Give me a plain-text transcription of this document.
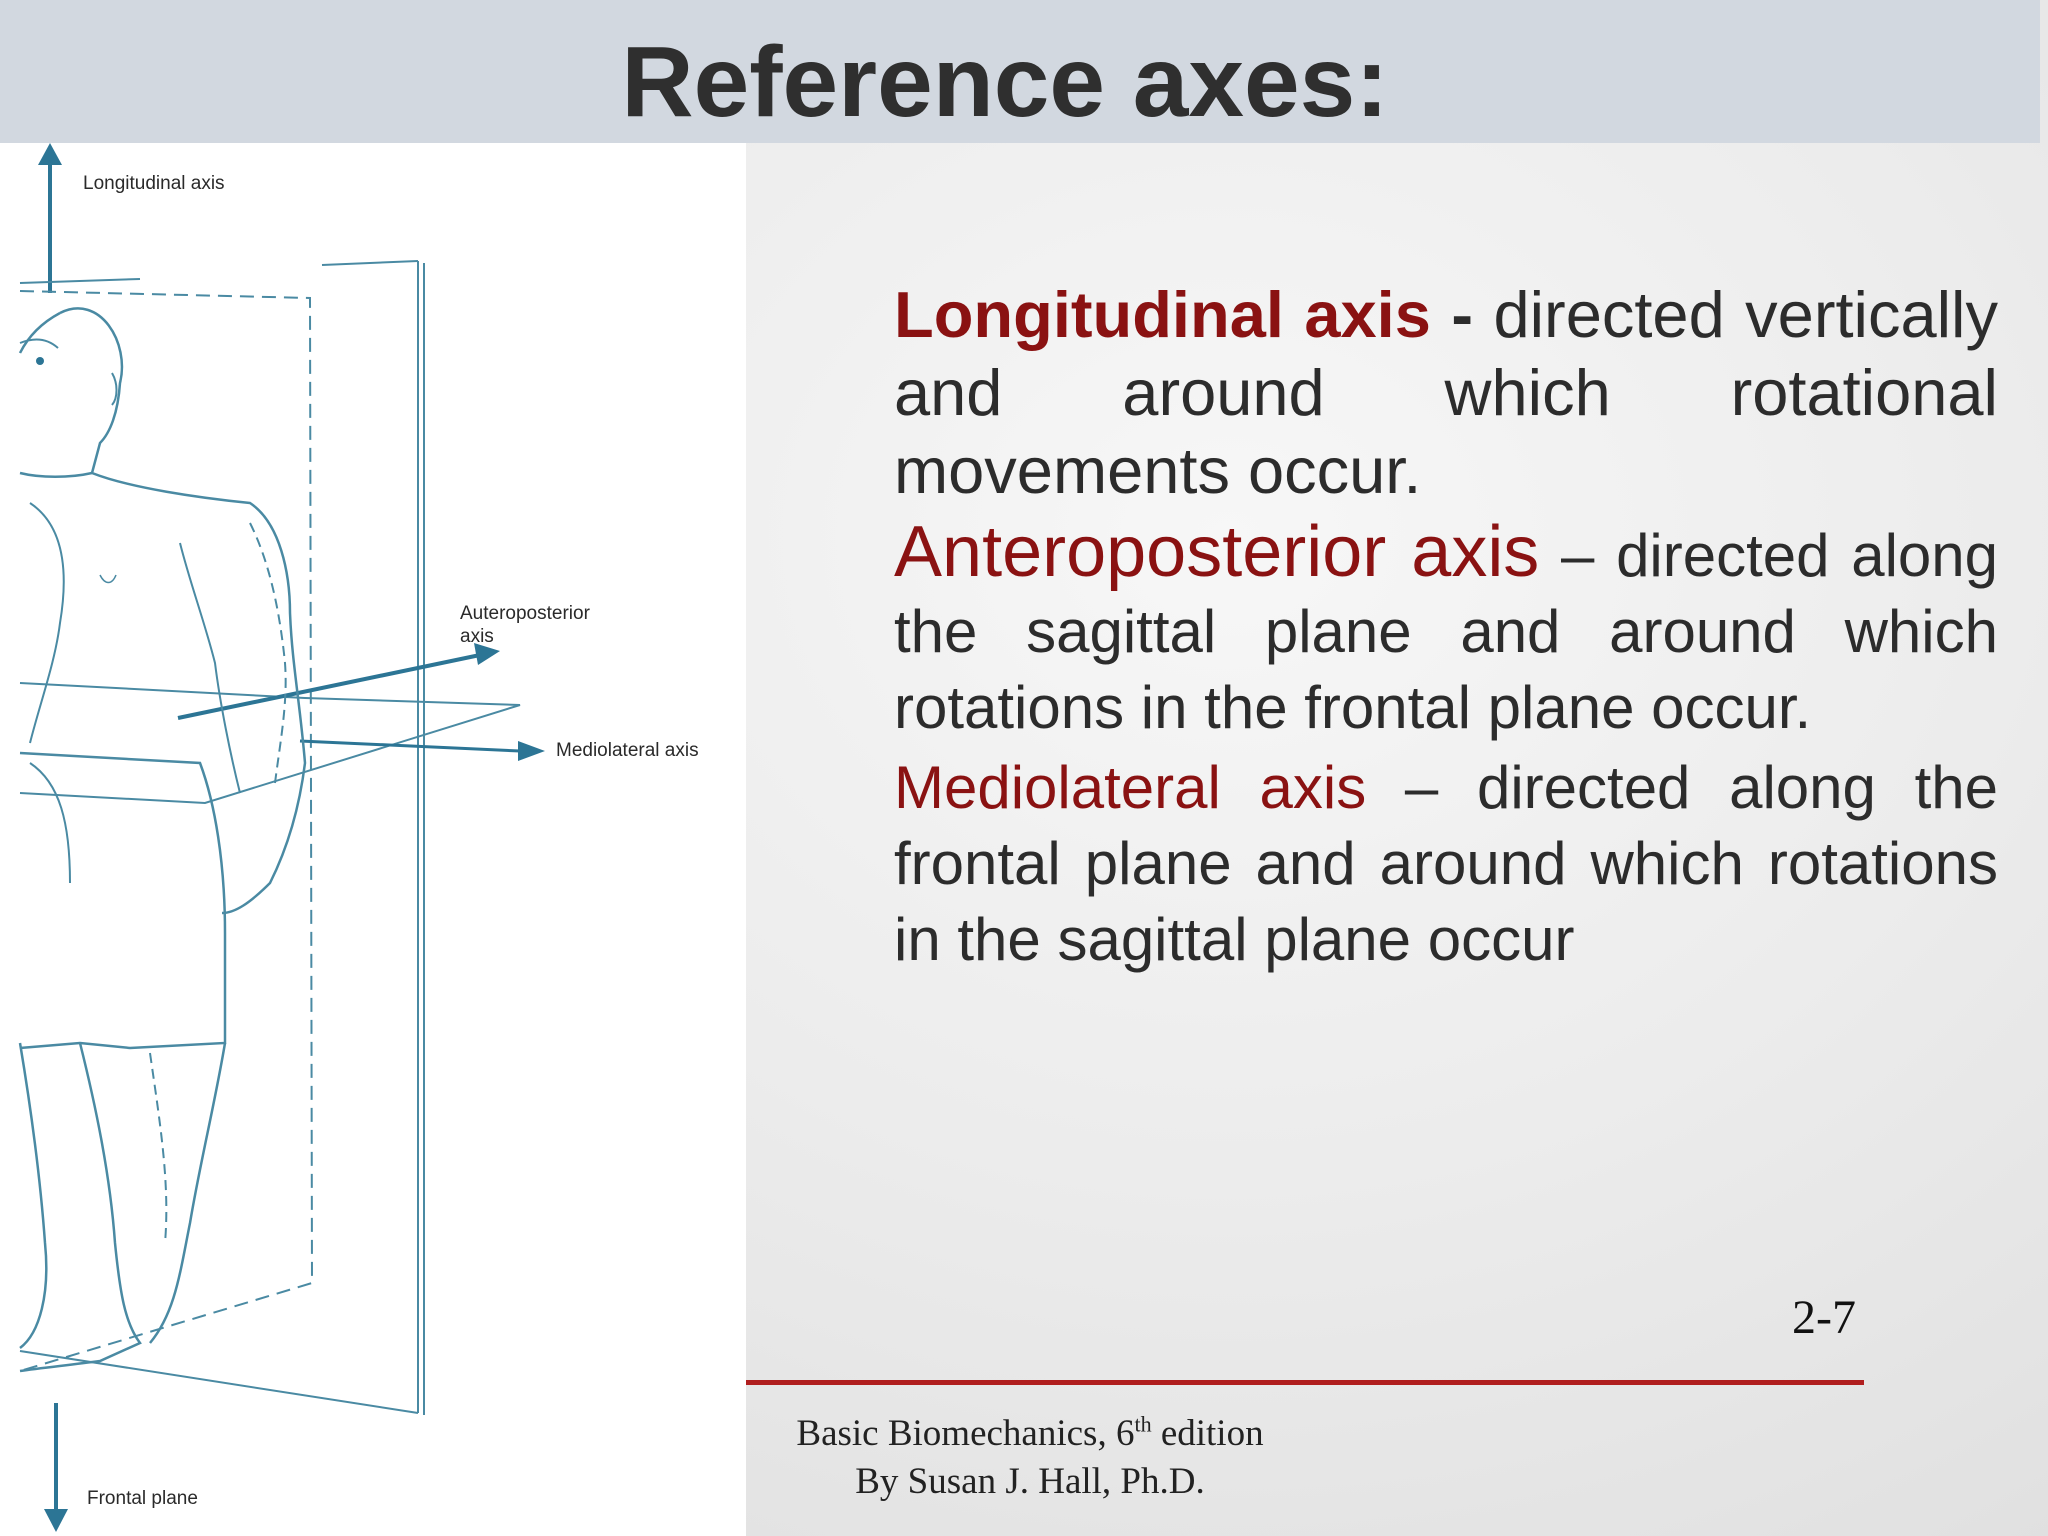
Reference axes:
Longitudinal axis
Auteroposterior
axis
Mediolateral axis
Frontal plane

Longitudinal axis - directed vertically and around which rotational movements occur.

Anteroposterior axis – directed along the sagittal plane and around which rotations in the frontal plane occur.

Mediolateral axis – directed along the frontal plane and around which rotations in the sagittal plane occur

2-7
Basic Biomechanics, 6th edition
By Susan J. Hall, Ph.D.
